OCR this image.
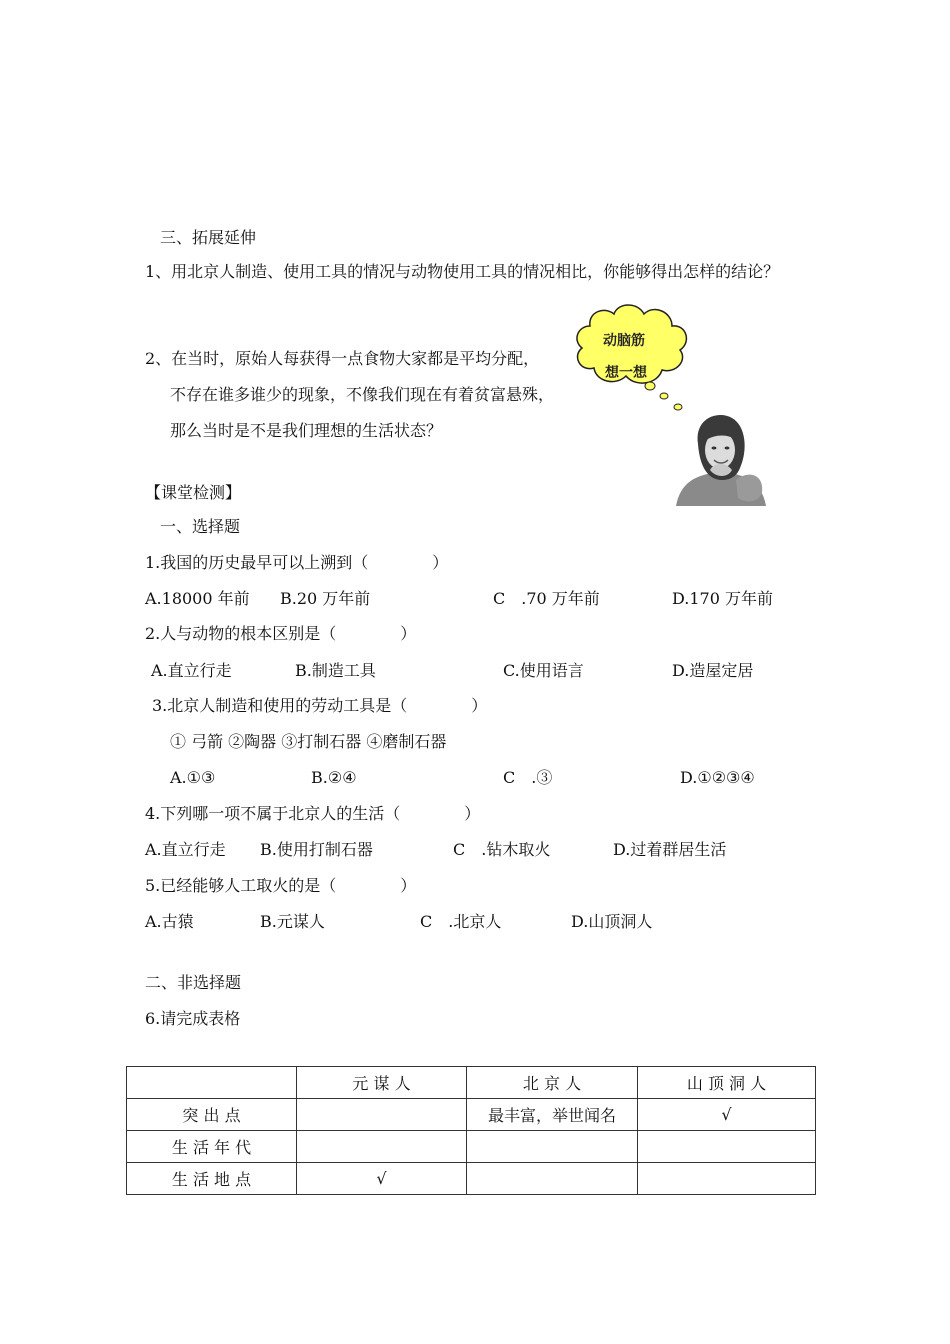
三、拓展延伸
1、用北京人制造、使用工具的情况与动物使用工具的情况相比，你能够得出怎样的结论？
2、在当时，原始人每获得一点食物大家都是平均分配，
不存在谁多谁少的现象，不像我们现在有着贫富悬殊，
那么当时是不是我们理想的生活状态？
动脑筋
想一想
【课堂检测】
一、选择题
1.我国的历史最早可以上溯到（　　　　）
A.18000 年前 B.20 万年前	C　.70 万年前	D.170 万年前
2.人与动物的根本区别是（　　　　）
A.直立行走	B.制造工具	C.使用语言	D.造屋定居
3.北京人制造和使用的劳动工具是（　　　　）
① 弓箭 ②陶器 ③打制石器 ④磨制石器
A.①③	B.②④	C　.③	D.①②③④
4.下列哪一项不属于北京人的生活（　　　　）
A.直立行走 B.使用打制石器	C　.钻木取火	D.过着群居生活
5.已经能够人工取火的是（　　　　）
A.古猿	B.元谋人	C　.北京人	D.山顶洞人
二、非选择题
6.请完成表格
	元 谋 人	北 京 人	山 顶 洞 人
突 出 点		最丰富，举世闻名	√
生 活 年 代			
生 活 地 点	√		
